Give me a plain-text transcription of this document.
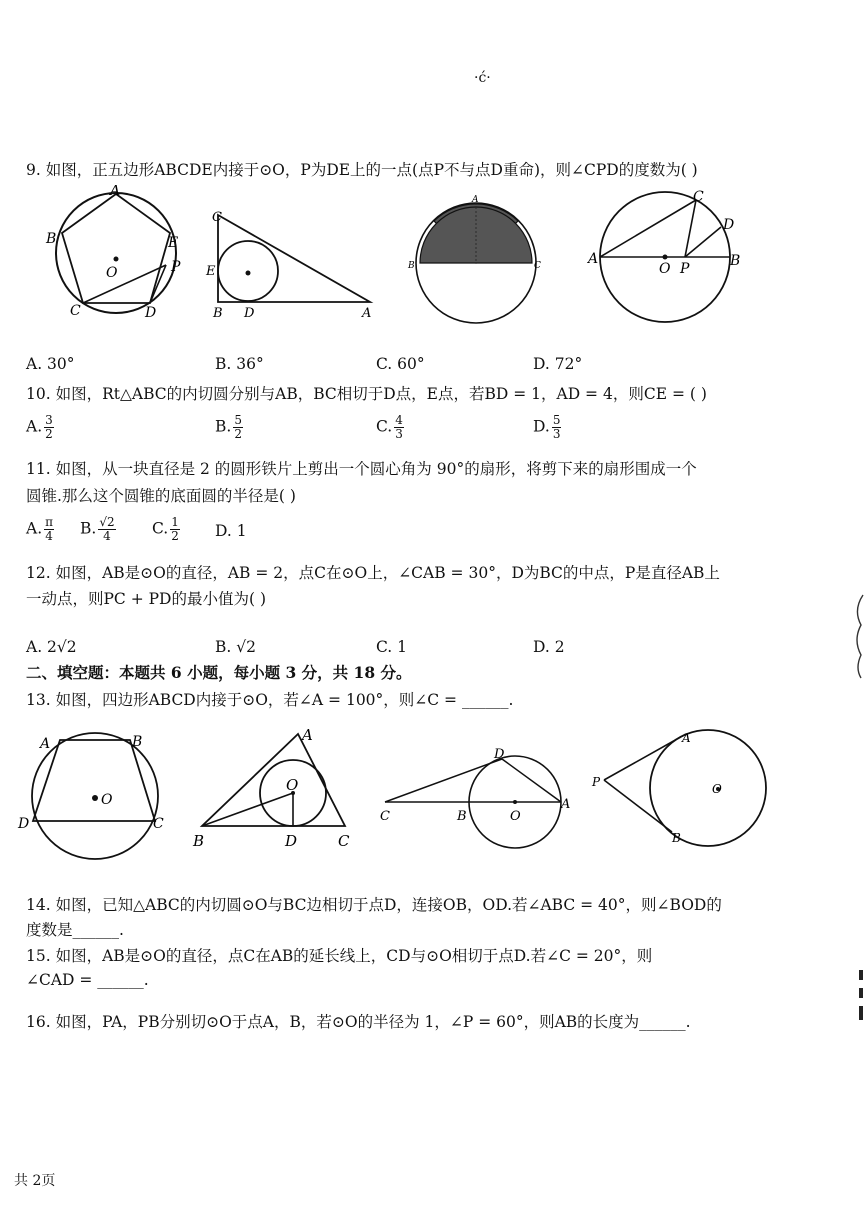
·ć·
9. 如图，正五边形ABCDE内接于⊙O，P为DE上的一点(点P不与点D重命)，则∠CPD的度数为( )
A
B
C	D
E
P
O
C
E
B D	A
A
B	C
C
D
A
O P	B
A. 30°	B. 36°	C. 60°	D. 72°
10. 如图，Rt△ABC的内切圆分别与AB，BC相切于D点，E点，若BD = 1，AD = 4，则CE = ( )
A. $\frac{3}{2}$	B. $\frac{5}{2}$	C. $\frac{4}{3}$	D. $\frac{5}{3}$
11. 如图，从一块直径是 2 的圆形铁片上剪出一个圆心角为 90°的扇形，将剪下来的扇形围成一个
圆锥.那么这个圆锥的底面圆的半径是( )
A. $\frac{\pi}{4} B$. $\frac{√2}{4} C$. $\frac{1}{2} D$. 1
12. 如图，AB是⊙O的直径，AB = 2，点C在⊙O上，∠CAB = 30°，D为BC的中点，P是直径AB上
一动点，则PC + PD的最小值为( )
A. 2√2	B. √2	C. 1	D. 2
二、填空题：本题共 6 小题，每小题 3 分，共 18 分。
13. 如图，四边形ABCD内接于⊙O，若∠A = 100°，则∠C = ______.
A	B
O
D	C
A
O
B	D	C
D
C	B	O
A
A
P	O
B
14. 如图，已知△ABC的内切圆⊙O与BC边相切于点D，连接OB，OD.若∠ABC = 40°，则∠BOD的
度数是______.
15. 如图，AB是⊙O的直径，点C在AB的延长线上，CD与⊙O相切于点D.若∠C = 20°，则
∠CAD = ______.
16. 如图，PA，PB分别切⊙O于点A，B，若⊙O的半径为 1，∠P = 60°，则AB的长度为______.
共 2页
